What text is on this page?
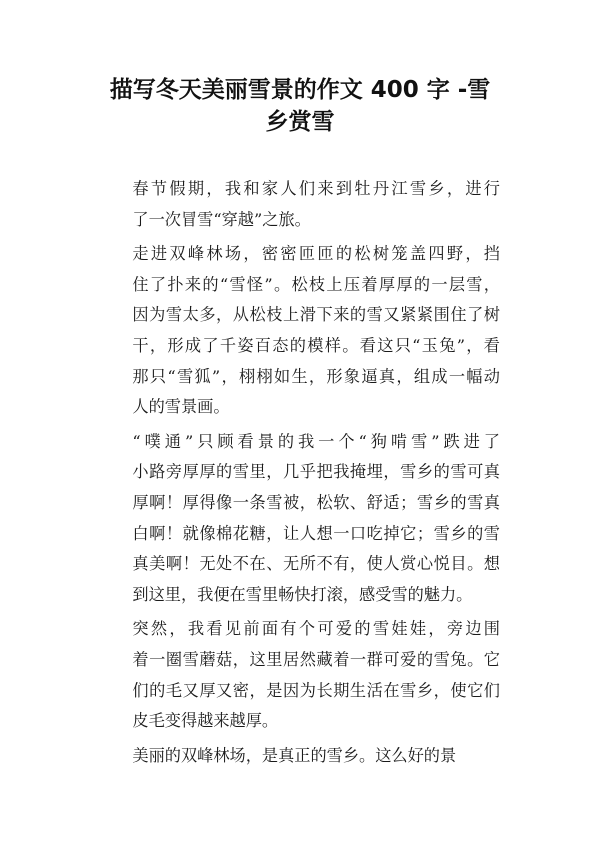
描写冬天美丽雪景的作文 400 字 -雪
乡赏雪

春节假期，我和家人们来到牡丹江雪乡，进行
了一次冒雪“穿越”之旅。

走进双峰林场，密密匝匝的松树笼盖四野，挡
住了扑来的“雪怪”。松枝上压着厚厚的一层雪，
因为雪太多，从松枝上滑下来的雪又紧紧围住了树
干，形成了千姿百态的模样。看这只“玉兔”，看
那只“雪狐”，栩栩如生，形象逼真，组成一幅动
人的雪景画。

“噗通”只顾看景的我一个“狗啃雪”跌进了
小路旁厚厚的雪里，几乎把我掩埋，雪乡的雪可真
厚啊！厚得像一条雪被，松软、舒适；雪乡的雪真
白啊！就像棉花糖，让人想一口吃掉它；雪乡的雪
真美啊！无处不在、无所不有，使人赏心悦目。想
到这里，我便在雪里畅快打滚，感受雪的魅力。

突然，我看见前面有个可爱的雪娃娃，旁边围
着一圈雪蘑菇，这里居然藏着一群可爱的雪兔。它
们的毛又厚又密，是因为长期生活在雪乡，使它们
皮毛变得越来越厚。

美丽的双峰林场，是真正的雪乡。这么好的景
